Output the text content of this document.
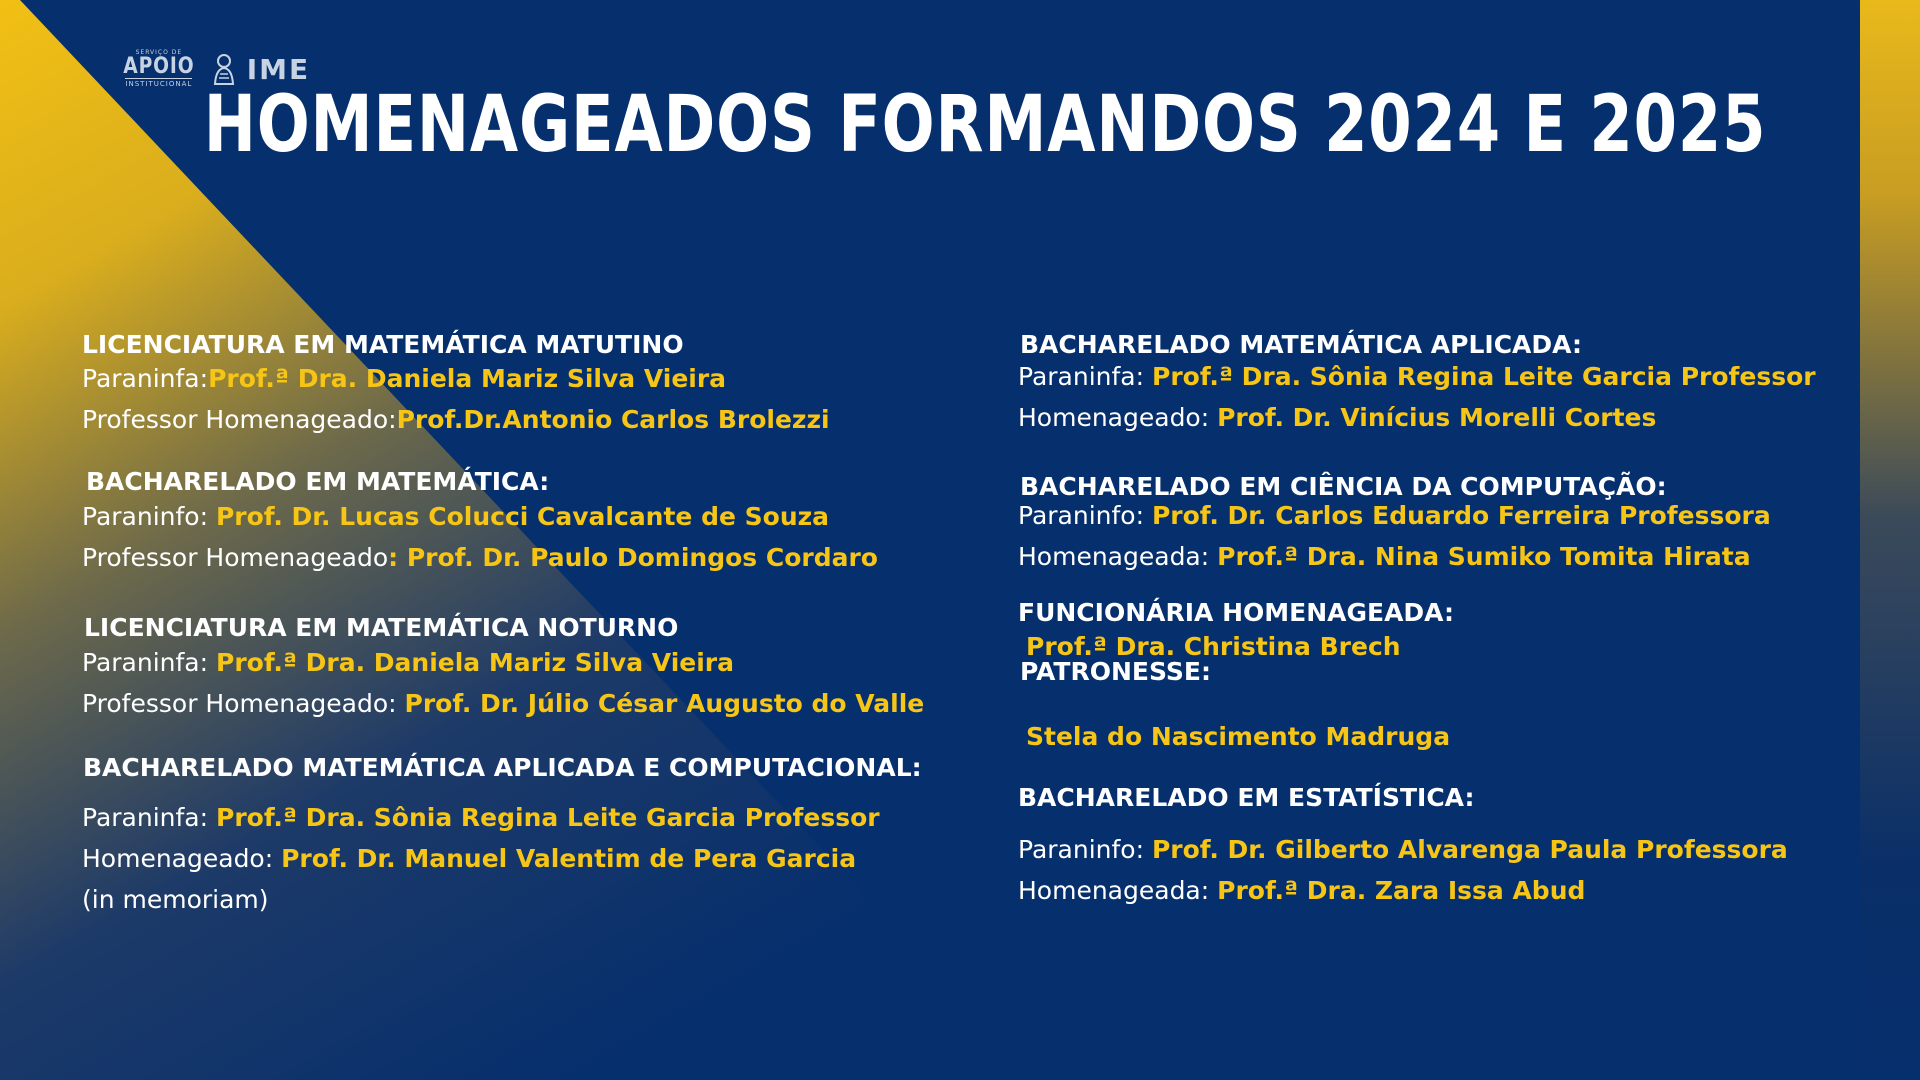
SERVIÇO DE
APOIO
INSTITUCIONAL IME
HOMENAGEADOS FORMANDOS 2024 E 2025
LICENCIATURA EM MATEMÁTICA MATUTINO
Paraninfa:Prof.ª Dra. Daniela Mariz Silva Vieira
Professor Homenageado:Prof.Dr.Antonio Carlos Brolezzi
BACHARELADO EM MATEMÁTICA:
Paraninfo: Prof. Dr. Lucas Colucci Cavalcante de Souza
Professor Homenageado: Prof. Dr. Paulo Domingos Cordaro
LICENCIATURA EM MATEMÁTICA NOTURNO
Paraninfa: Prof.ª Dra. Daniela Mariz Silva Vieira
Professor Homenageado: Prof. Dr. Júlio César Augusto do Valle
BACHARELADO MATEMÁTICA APLICADA E COMPUTACIONAL:
Paraninfa: Prof.ª Dra. Sônia Regina Leite Garcia Professor
Homenageado: Prof. Dr. Manuel Valentim de Pera Garcia
(in memoriam)
BACHARELADO MATEMÁTICA APLICADA:
Paraninfa: Prof.ª Dra. Sônia Regina Leite Garcia Professor
Homenageado: Prof. Dr. Vinícius Morelli Cortes
BACHARELADO EM CIÊNCIA DA COMPUTAÇÃO:
Paraninfo: Prof. Dr. Carlos Eduardo Ferreira Professora
Homenageada: Prof.ª Dra. Nina Sumiko Tomita Hirata
FUNCIONÁRIA HOMENAGEADA:
Prof.ª Dra. Christina Brech
PATRONESSE:
Stela do Nascimento Madruga
BACHARELADO EM ESTATÍSTICA:
Paraninfo: Prof. Dr. Gilberto Alvarenga Paula Professora
Homenageada: Prof.ª Dra. Zara Issa Abud
